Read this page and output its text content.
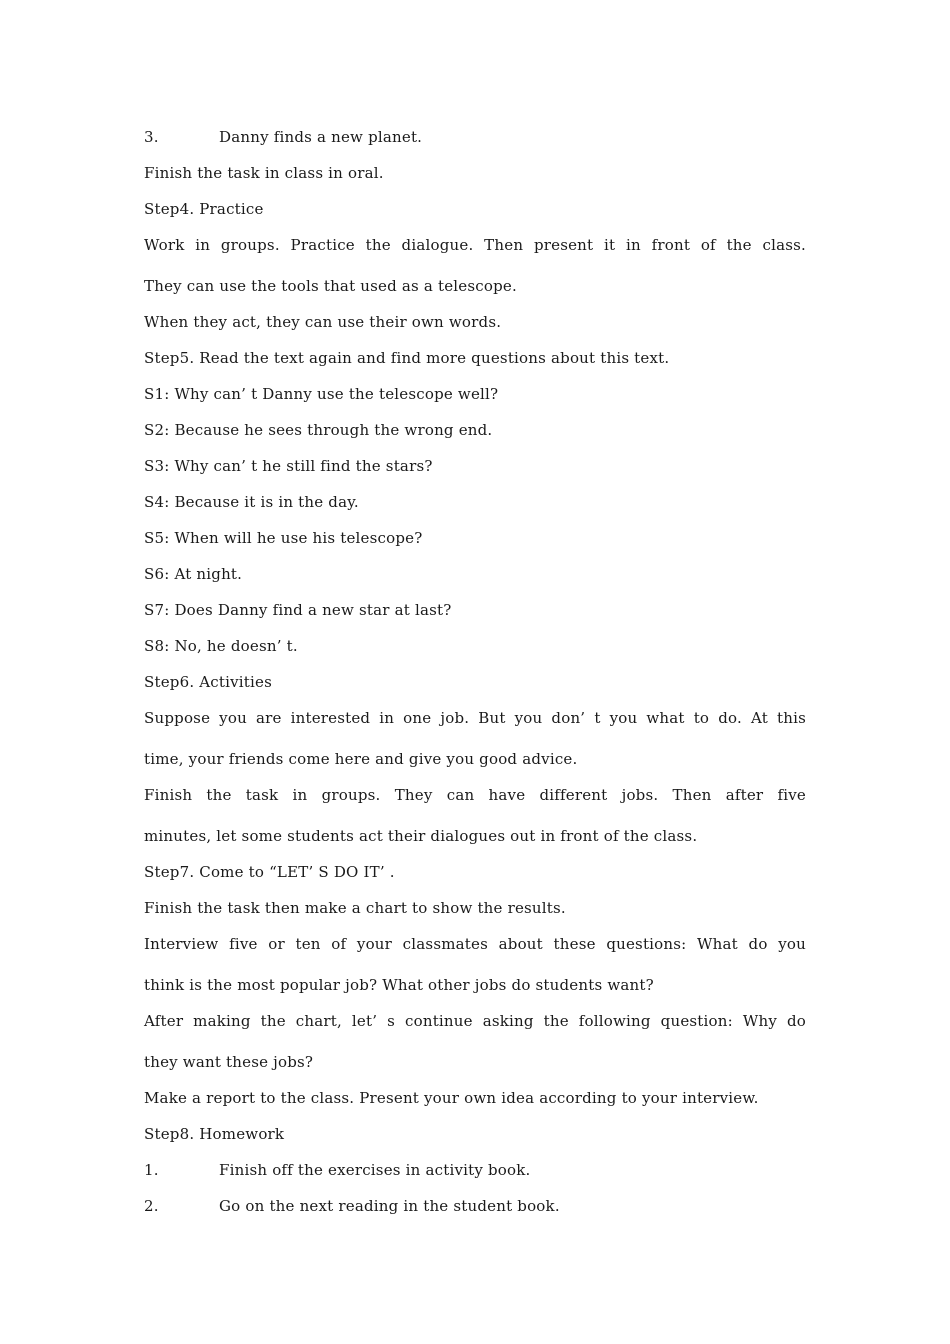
3.	Danny finds a new planet.
Finish the task in class in oral.
Step4. Practice
Work in groups. Practice the dialogue. Then present it in front of the class.
They can use the tools that used as a telescope.
When they act, they can use their own words.
Step5. Read the text again and find more questions about this text.
S1: Why can’ t Danny use the telescope well?
S2: Because he sees through the wrong end.
S3: Why can’ t he still find the stars?
S4: Because it is in the day.
S5: When will he use his telescope?
S6: At night.
S7: Does Danny find a new star at last?
S8: No, he doesn’ t.
Step6. Activities
Suppose you are interested in one job. But you don’ t you what to do. At this
time, your friends come here and give you good advice.
Finish the task in groups. They can have different jobs. Then after five
minutes, let some students act their dialogues out in front of the class.
Step7. Come to “LET’ S DO IT’ .
Finish the task then make a chart to show the results.
Interview five or ten of your classmates about these questions: What do you
think is the most popular job? What other jobs do students want?
After making the chart, let’ s continue asking the following question: Why do
they want these jobs?
Make a report to the class. Present your own idea according to your interview.
Step8. Homework
1.	Finish off the exercises in activity book.
2.	Go on the next reading in the student book.
